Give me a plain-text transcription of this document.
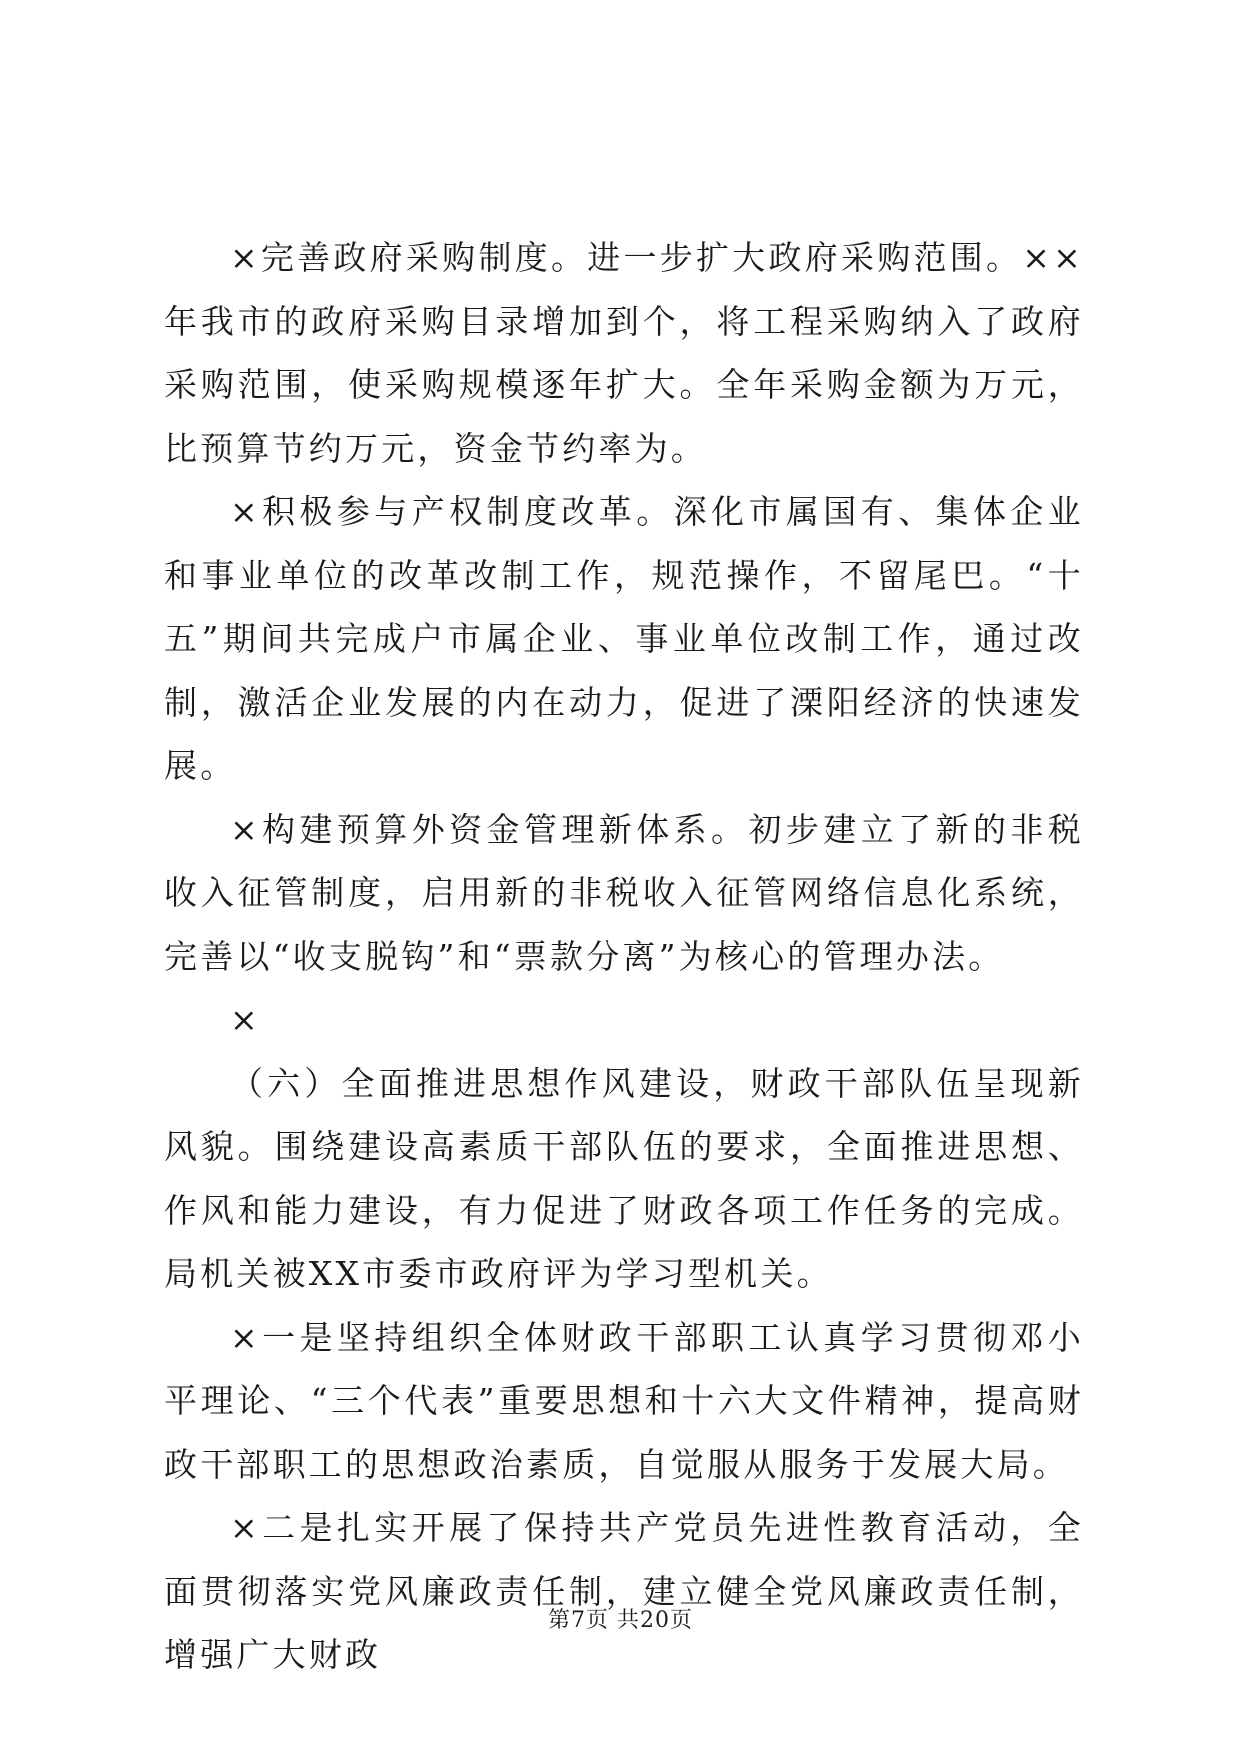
×完善政府采购制度。进一步扩大政府采购范围。××年我市的政府采购目录增加到个，将工程采购纳入了政府采购范围，使采购规模逐年扩大。全年采购金额为万元，比预算节约万元，资金节约率为。

×积极参与产权制度改革。深化市属国有、集体企业和事业单位的改革改制工作，规范操作，不留尾巴。“十五”期间共完成户市属企业、事业单位改制工作，通过改制，激活企业发展的内在动力，促进了溧阳经济的快速发展。

×构建预算外资金管理新体系。初步建立了新的非税收入征管制度，启用新的非税收入征管网络信息化系统，完善以“收支脱钩”和“票款分离”为核心的管理办法。

×

（六）全面推进思想作风建设，财政干部队伍呈现新风貌。围绕建设高素质干部队伍的要求，全面推进思想、作风和能力建设，有力促进了财政各项工作任务的完成。局机关被XX市委市政府评为学习型机关。

×一是坚持组织全体财政干部职工认真学习贯彻邓小平理论、“三个代表”重要思想和十六大文件精神，提高财政干部职工的思想政治素质，自觉服从服务于发展大局。

×二是扎实开展了保持共产党员先进性教育活动，全面贯彻落实党风廉政责任制，建立健全党风廉政责任制，增强广大财政

第7页 共20页
